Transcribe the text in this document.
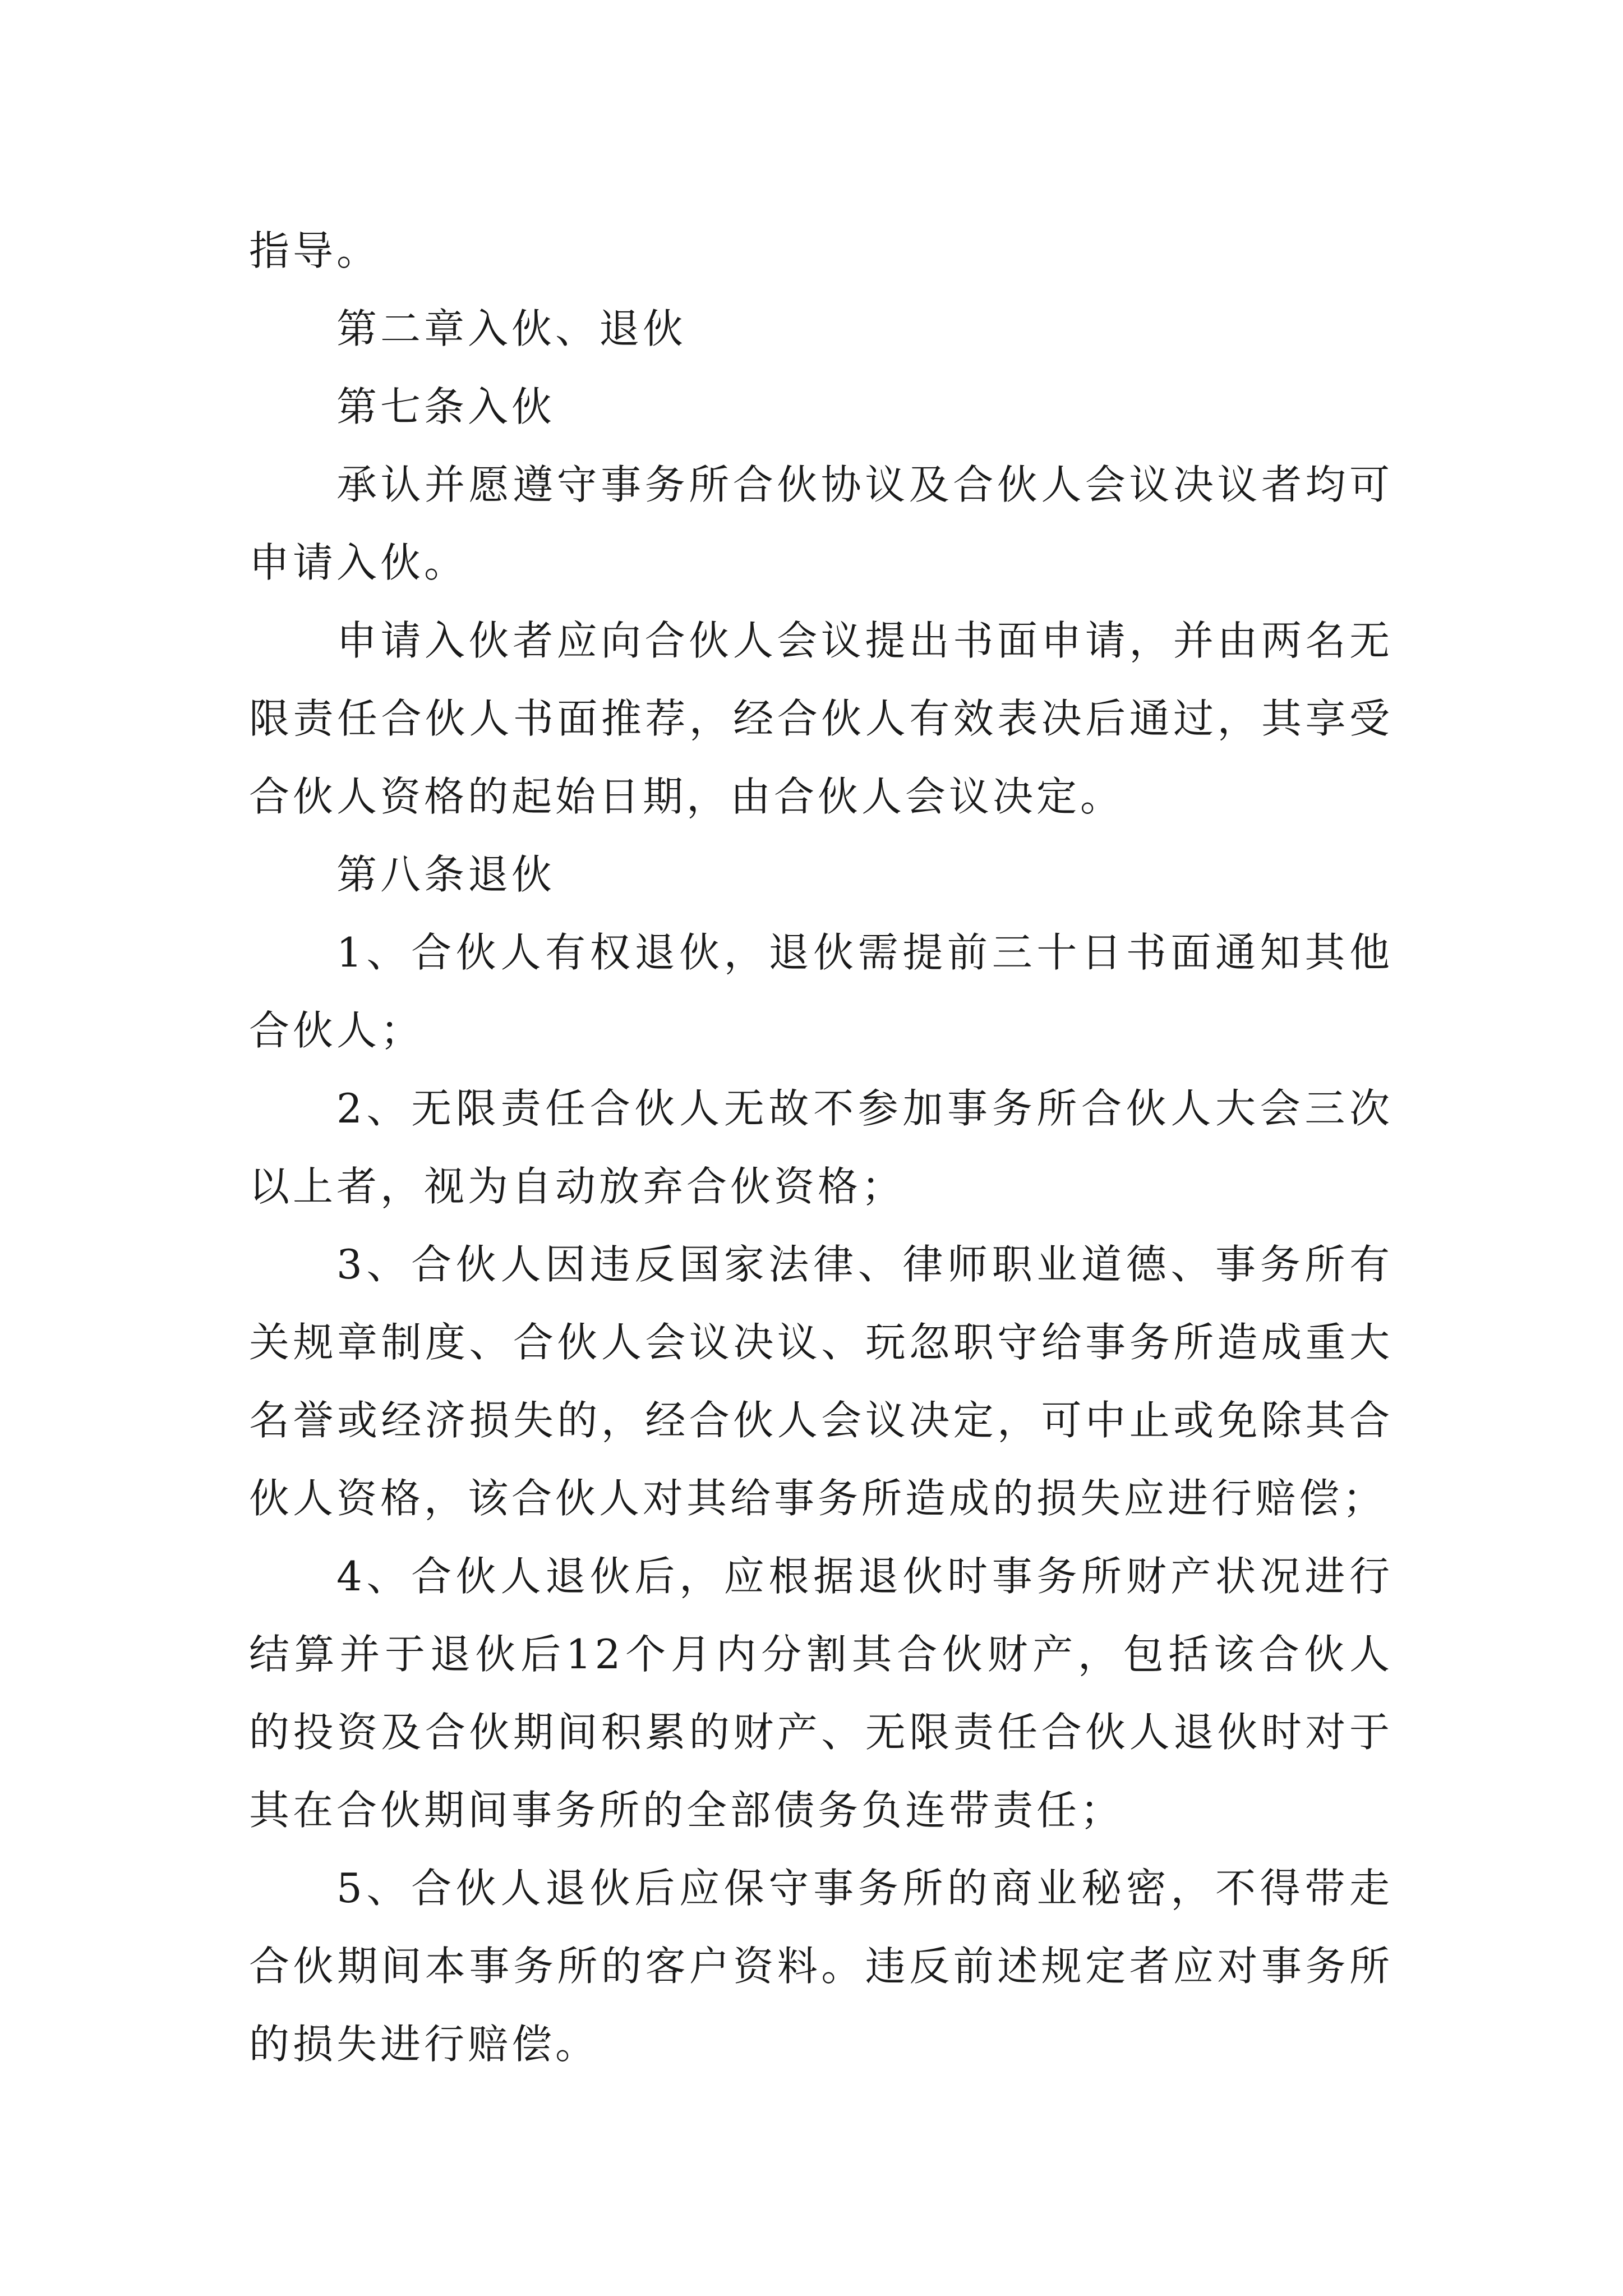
指导。

第二章入伙、退伙

第七条入伙

承认并愿遵守事务所合伙协议及合伙人会议决议者均可申请入伙。

申请入伙者应向合伙人会议提出书面申请，并由两名无限责任合伙人书面推荐，经合伙人有效表决后通过，其享受合伙人资格的起始日期，由合伙人会议决定。

第八条退伙

1、合伙人有权退伙，退伙需提前三十日书面通知其他合伙人；

2、无限责任合伙人无故不参加事务所合伙人大会三次以上者，视为自动放弃合伙资格；

3、合伙人因违反国家法律、律师职业道德、事务所有关规章制度、合伙人会议决议、玩忽职守给事务所造成重大名誉或经济损失的，经合伙人会议决定，可中止或免除其合伙人资格，该合伙人对其给事务所造成的损失应进行赔偿；

4、合伙人退伙后，应根据退伙时事务所财产状况进行结算并于退伙后12个月内分割其合伙财产，包括该合伙人的投资及合伙期间积累的财产、无限责任合伙人退伙时对于其在合伙期间事务所的全部债务负连带责任；

5、合伙人退伙后应保守事务所的商业秘密，不得带走合伙期间本事务所的客户资料。违反前述规定者应对事务所的损失进行赔偿。
